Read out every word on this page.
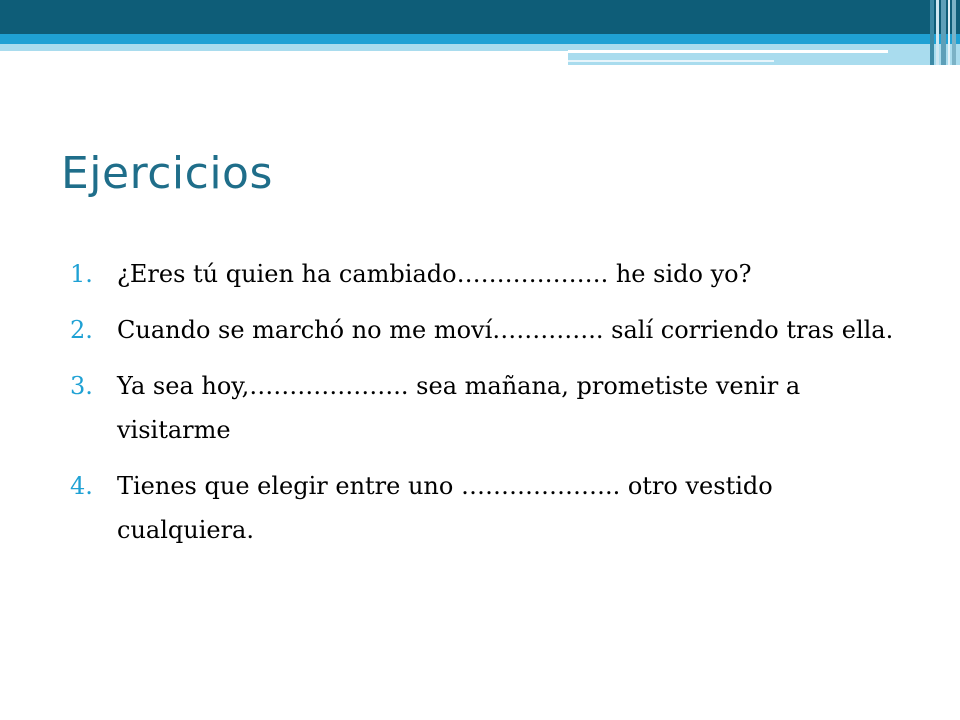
Ejercicios
1. ¿Eres tú quien ha cambiado………………. he sido yo?
2. Cuando se marchó no me moví………….. salí corriendo tras ella.
3. Ya sea hoy,……………….. sea mañana, prometiste venir a visitarme
4. Tienes que elegir entre uno ……………….. otro vestido cualquiera.
